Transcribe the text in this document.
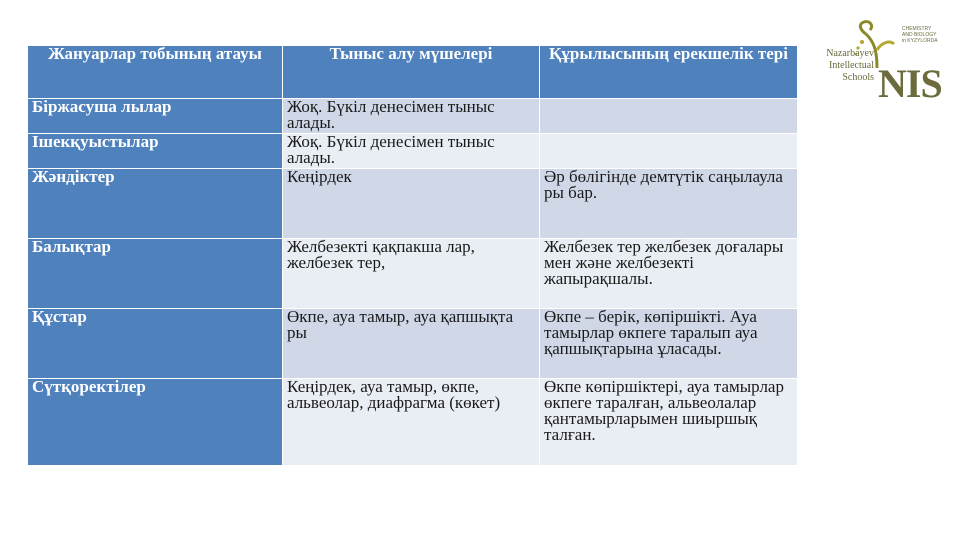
Жануарлар тобының атауы	Тыныс алу мүшелері	Құрылысының ерекшелік тері
Біржасуша лылар	Жоқ. Бүкіл денесімен тыныс алады.	
Ішекқуыстылар	Жоқ. Бүкіл денесімен тыныс алады.	
Жәндіктер	Кеңірдек	Әр бөлігінде демтүтік саңылаула ры бар.
Балықтар	Желбезекті қақпакша лар, желбезек тер,	Желбезек тер желбезек доғалары мен және желбезекті жапырақшалы.
Құстар	Өкпе, ауа тамыр, ауа қапшықта ры	Өкпе – берік, көпіршікті. Ауа тамырлар өкпеге таралып ауа қапшықтарына ұласады.
Сүтқоректілер	Кеңірдек, ауа тамыр, өкпе, альвеолар, диафрагма (көкет)	Өкпе көпіршіктері, ауа тамырлар өкпеге таралған, альвеолалар қантамырларымен шиыршық талған.
Nazarbayev
Intellectual
Schools NIS
CHEMISTRY
AND BIOLOGY
in KYZYLORDA
